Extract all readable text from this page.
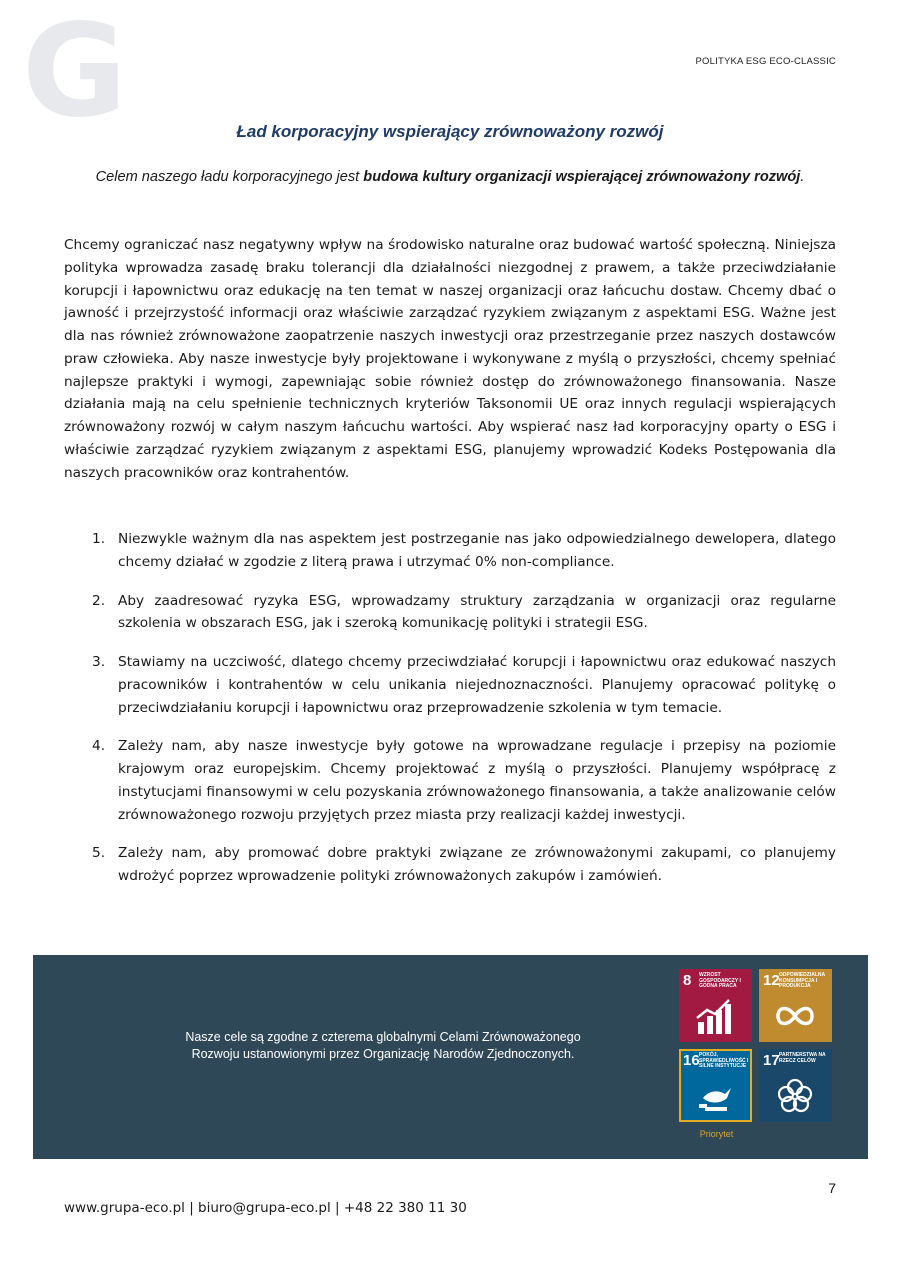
G	POLITYKA ESG ECO-CLASSIC
Ład korporacyjny wspierający zrównoważony rozwój
Celem naszego ładu korporacyjnego jest budowa kultury organizacji wspierającej zrównoważony rozwój.
Chcemy ograniczać nasz negatywny wpływ na środowisko naturalne oraz budować wartość społeczną. Niniejsza polityka wprowadza zasadę braku tolerancji dla działalności niezgodnej z prawem, a także przeciwdziałanie korupcji i łapownictwu oraz edukację na ten temat w naszej organizacji oraz łańcuchu dostaw. Chcemy dbać o jawność i przejrzystość informacji oraz właściwie zarządzać ryzykiem związanym z aspektami ESG. Ważne jest dla nas również zrównoważone zaopatrzenie naszych inwestycji oraz przestrzeganie przez naszych dostawców praw człowieka. Aby nasze inwestycje były projektowane i wykonywane z myślą o przyszłości, chcemy spełniać najlepsze praktyki i wymogi, zapewniając sobie również dostęp do zrównoważonego finansowania. Nasze działania mają na celu spełnienie technicznych kryteriów Taksonomii UE oraz innych regulacji wspierających zrównoważony rozwój w całym naszym łańcuchu wartości. Aby wspierać nasz ład korporacyjny oparty o ESG i właściwie zarządzać ryzykiem związanym z aspektami ESG, planujemy wprowadzić Kodeks Postępowania dla naszych pracowników oraz kontrahentów.
1. Niezwykle ważnym dla nas aspektem jest postrzeganie nas jako odpowiedzialnego dewelopera, dlatego chcemy działać w zgodzie z literą prawa i utrzymać 0% non-compliance.
2. Aby zaadresować ryzyka ESG, wprowadzamy struktury zarządzania w organizacji oraz regularne szkolenia w obszarach ESG, jak i szeroką komunikację polityki i strategii ESG.
3. Stawiamy na uczciwość, dlatego chcemy przeciwdziałać korupcji i łapownictwu oraz edukować naszych pracowników i kontrahentów w celu unikania niejednoznaczności. Planujemy opracować politykę o przeciwdziałaniu korupcji i łapownictwu oraz przeprowadzenie szkolenia w tym temacie.
4. Zależy nam, aby nasze inwestycje były gotowe na wprowadzane regulacje i przepisy na poziomie krajowym oraz europejskim. Chcemy projektować z myślą o przyszłości. Planujemy współpracę z instytucjami finansowymi w celu pozyskania zrównoważonego finansowania, a także analizowanie celów zrównoważonego rozwoju przyjętych przez miasta przy realizacji każdej inwestycji.
5. Zależy nam, aby promować dobre praktyki związane ze zrównoważonymi zakupami, co planujemy wdrożyć poprzez wprowadzenie polityki zrównoważonych zakupów i zamówień.
Nasze cele są zgodne z czterema globalnymi Celami Zrównoważonego
Rozwoju ustanowionymi przez Organizację Narodów Zjednoczonych.
8 WZROST GOSPODARCZY I GODNA PRACA	12 ODPOWIEDZIALNA KONSUMPCJA I PRODUKCJA
16 POKÓJ, SPRAWIEDLIWOŚĆ I SILNE INSTYTUCJE	17 PARTNERSTWA NA RZECZ CELÓW
Priorytet
7
www.grupa-eco.pl | biuro@grupa-eco.pl | +48 22 380 11 30
